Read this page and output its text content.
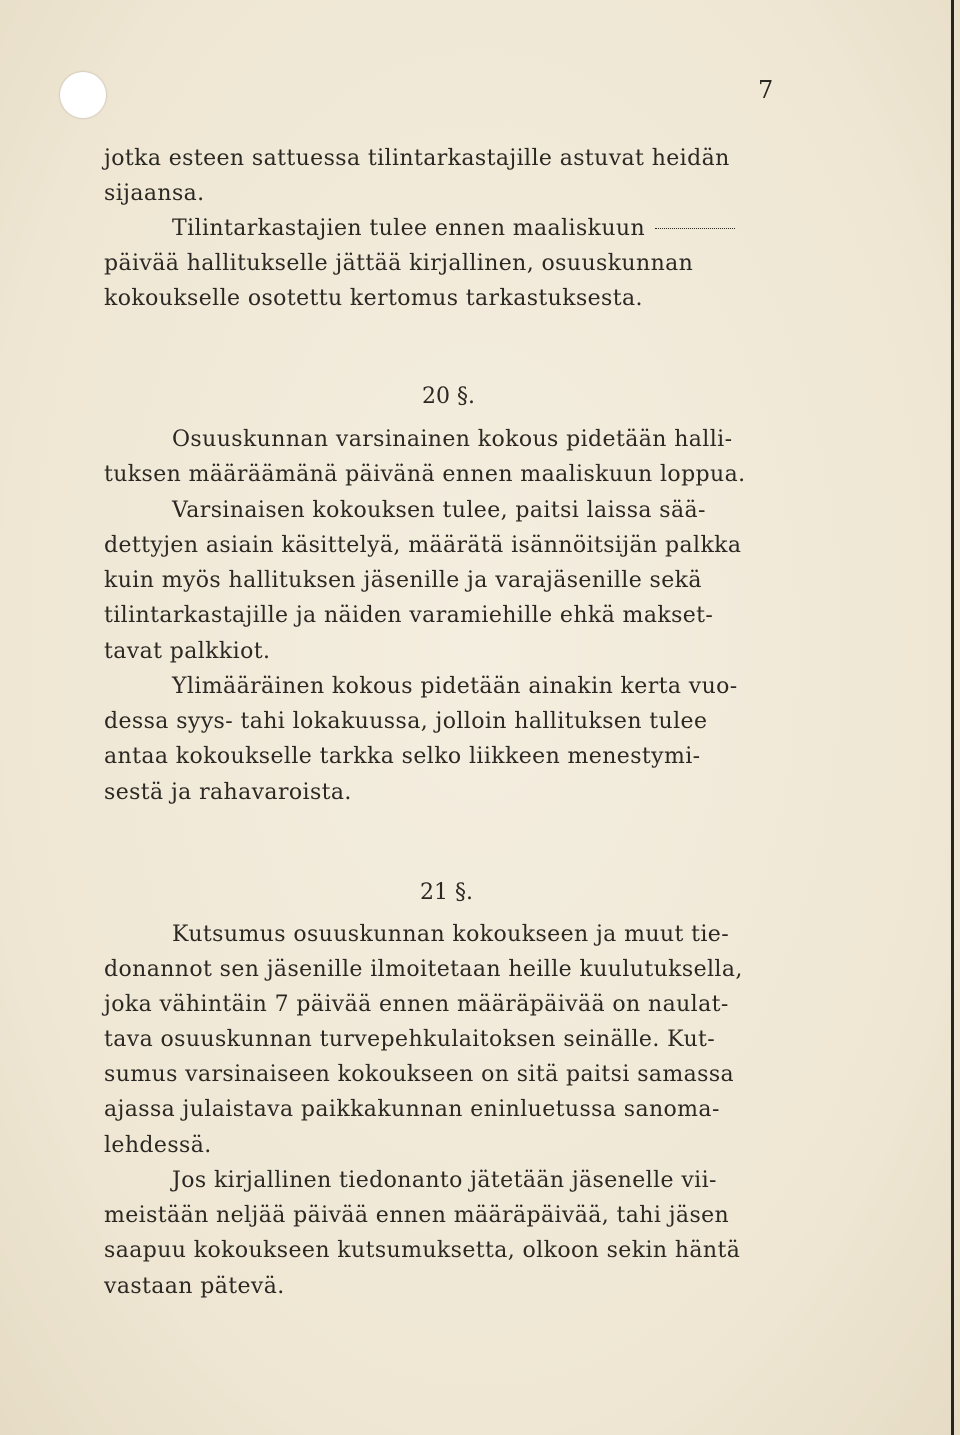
7
jotka esteen sattuessa tilintarkastajille astuvat heidän
sijaansa.
Tilintarkastajien tulee ennen maaliskuun
päivää hallitukselle jättää kirjallinen, osuuskunnan
kokoukselle osotettu kertomus tarkastuksesta.
20 §.
Osuuskunnan varsinainen kokous pidetään halli-
tuksen määräämänä päivänä ennen maaliskuun loppua.
Varsinaisen kokouksen tulee, paitsi laissa sää-
dettyjen asiain käsittelyä, määrätä isännöitsijän palkka
kuin myös hallituksen jäsenille ja varajäsenille sekä
tilintarkastajille ja näiden varamiehille ehkä makset-
tavat palkkiot.
Ylimääräinen kokous pidetään ainakin kerta vuo-
dessa syys- tahi lokakuussa, jolloin hallituksen tulee
antaa kokoukselle tarkka selko liikkeen menestymi-
sestä ja rahavaroista.
21 §.
Kutsumus osuuskunnan kokoukseen ja muut tie-
donannot sen jäsenille ilmoitetaan heille kuulutuksella,
joka vähintäin 7 päivää ennen määräpäivää on naulat-
tava osuuskunnan turvepehkulaitoksen seinälle. Kut-
sumus varsinaiseen kokoukseen on sitä paitsi samassa
ajassa julaistava paikkakunnan eninluetussa sanoma-
lehdessä.
Jos kirjallinen tiedonanto jätetään jäsenelle vii-
meistään neljää päivää ennen määräpäivää, tahi jäsen
saapuu kokoukseen kutsumuksetta, olkoon sekin häntä
vastaan pätevä.
